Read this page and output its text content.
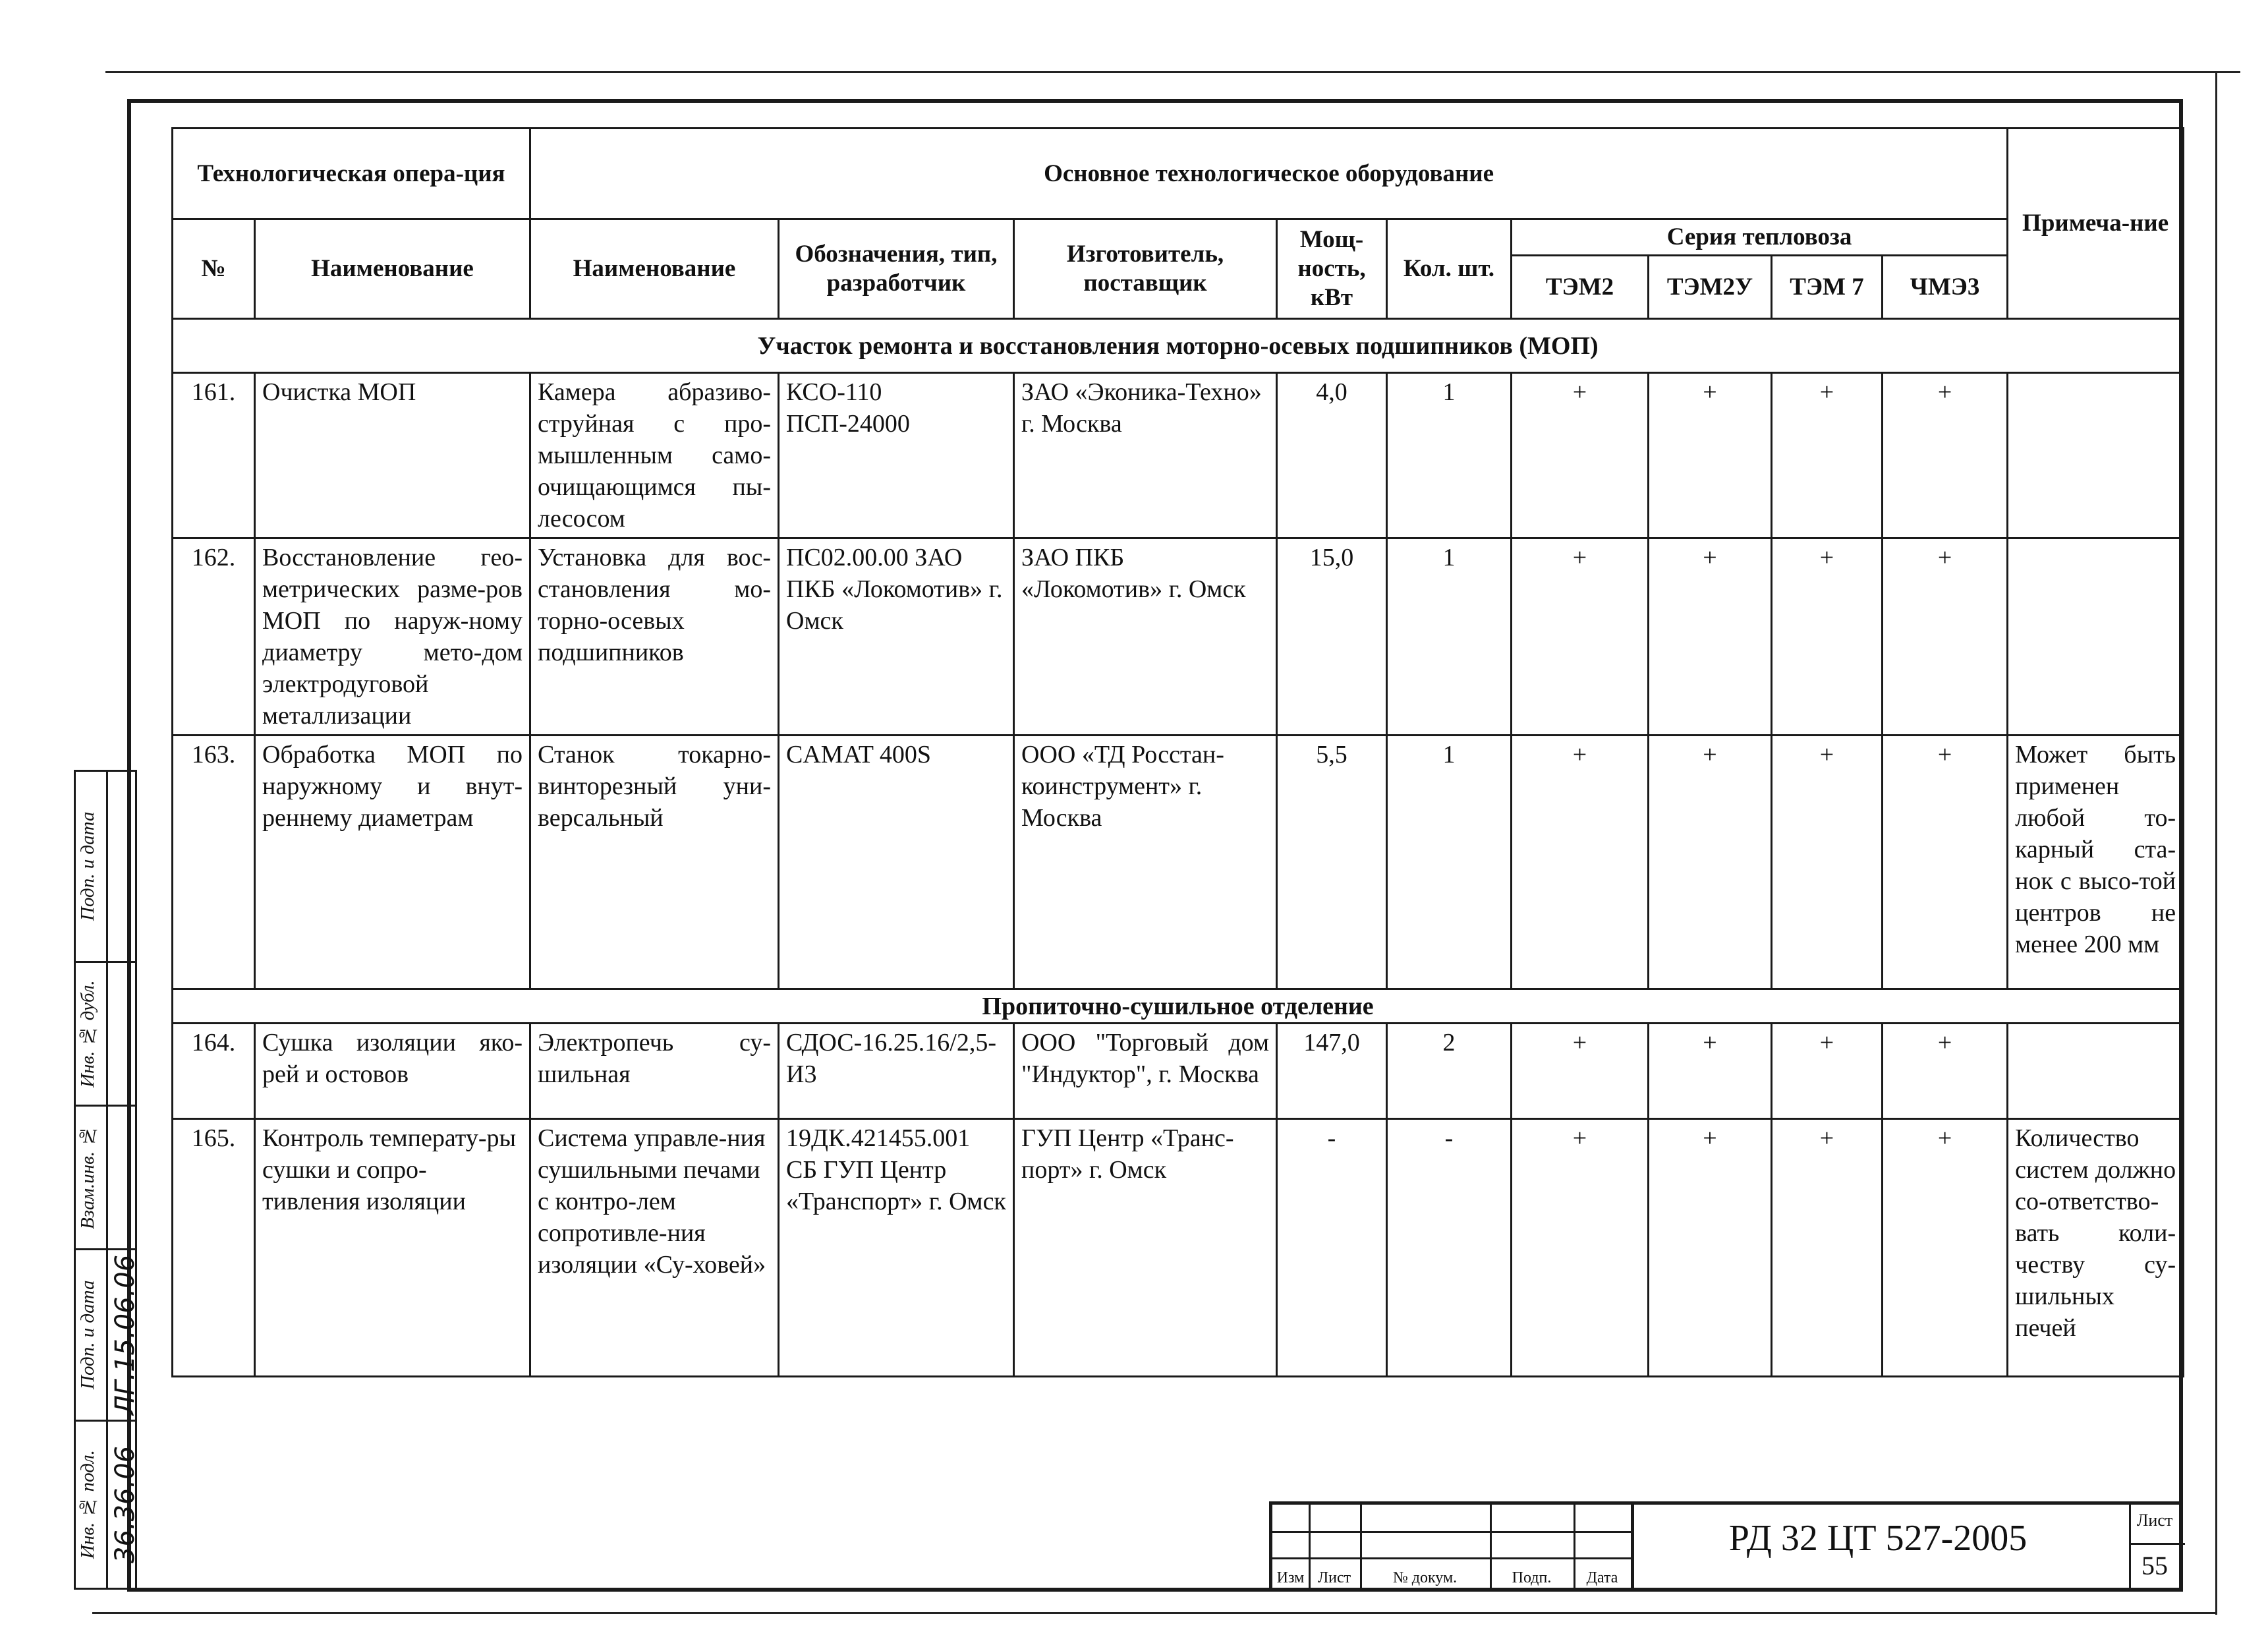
Технологическая опера-ция		Основное технологическое оборудование									Примеча-ние
№	Наименование	Наименование	Обозначения, тип, разработчик	Изготовитель, поставщик	Мощ-ность, кВт	Кол. шт.	Серия тепловоза				
							ТЭМ2	ТЭМ2У	ТЭМ 7	ЧМЭ3	
Участок ремонта и восстановления моторно-осевых подшипников (МОП)											
161.	Очистка МОП	Камера абразиво-струйная с про-мышленным само-очищающимся пы-лесосом	КСО-110 ПСП-24000	ЗАО «Эконика-Техно» г. Москва	4,0	1	+	+	+	+	
162.	Восстановление гео-метрических разме-ров МОП по наруж-ному диаметру мето-дом электродуговой металлизации	Установка для вос-становления мо-торно-осевых подшипников	ПС02.00.00 ЗАО ПКБ «Локомотив» г. Омск	ЗАО ПКБ «Локомотив» г. Омск	15,0	1	+	+	+	+	
163.	Обработка МОП по наружному и внут-реннему диаметрам	Станок токарно-винторезный уни-версальный	CAMAT 400S	ООО «ТД Росстан-коинструмент» г. Москва	5,5	1	+	+	+	+	Может быть применен любой то-карный ста-нок с высо-той центров не менее 200 мм
Пропиточно-сушильное отделение											
164.	Сушка изоляции яко-рей и остовов	Электропечь су-шильная	СДОС-16.25.16/2,5-И3	ООО "Торговый дом "Индуктор", г. Москва	147,0	2	+	+	+	+	
165.	Контроль температу-ры сушки и сопро-тивления изоляции	Система управле-ния сушильными печами с контро-лем сопротивле-ния изоляции «Су-ховей»	19ДК.421455.001 СБ ГУП Центр «Транспорт» г. Омск	ГУП Центр «Транс-порт» г. Омск	-	-	+	+	+	+	Количество систем должно со-ответство-вать коли-честву су-шильных печей
Подп. и дата
Инв. № дубл.
Взам.инв. №
Подп. и дата ЛГ.15.06.06
Инв. № подл. 36.36.06
Изм Лист	№ докум.	Подп.	Дата
РД 32 ЦТ 527-2005	Лист
55
